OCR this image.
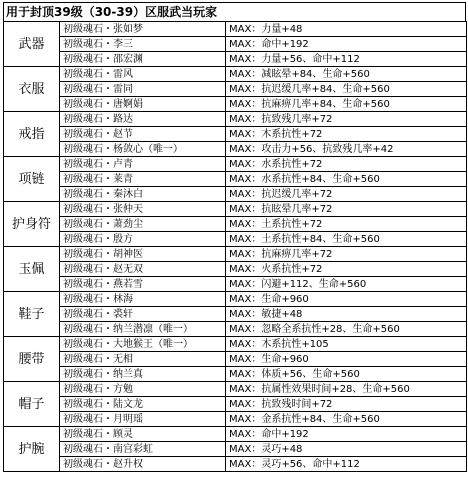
用于封顶39级（30-39）区服武当玩家
武器	初级魂石・张如梦	MAX：力量+48
	初级魂石・李三	MAX：命中+192
	初级魂石・邵宏渊	MAX：力量+56、命中+112
衣服	初级魂石・雷风	MAX：减眩晕+84、生命+560
	初级魂石・雷同	MAX：抗迟缓几率+84、生命+560
	初级魂石・唐婀娟	MAX：抗麻痹几率+84、生命+560
戒指	初级魂石・路达	MAX：抗致残几率+72
	初级魂石・赵节	MAX：木系抗性+72
	初级魂石・杨敛心（唯一）	MAX：攻击力+56、抗致残几率+42
项链	初级魂石・卢青	MAX：水系抗性+72
	初级魂石・莱青	MAX：水系抗性+84、生命+560
	初级魂石・秦沐白	MAX：抗迟缓几率+72
护身符	初级魂石・张仲天	MAX：抗眩晕几率+72
	初级魂石・萧劲尘	MAX：土系抗性+72
	初级魂石・殷方	MAX：土系抗性+84、生命+560
玉佩	初级魂石・胡神医	MAX：抗麻痹几率+72
	初级魂石・赵无双	MAX：火系抗性+72
	初级魂石・燕若雪	MAX：闪避+112、生命+560
鞋子	初级魂石・林海	MAX：生命+960
	初级魂石・裘轩	MAX：敏捷+48
	初级魂石・纳兰潜凛（唯一）	MAX：忽略全系抗性+28、生命+560
腰带	初级魂石・大地猴王（唯一）	MAX：木系抗性+105
	初级魂石・无相	MAX：生命+960
	初级魂石・纳兰真	MAX：体质+56、生命+560
帽子	初级魂石・方勉	MAX：抗属性效果时间+28、生命+560
	初级魂石・陆文龙	MAX：抗致残时间+72
	初级魂石・月明瑶	MAX：金系抗性+84、生命+560
护腕	初级魂石・顾灵	MAX：命中+192
	初级魂石・南宫彩虹	MAX：灵巧+48
	初级魂石・赵升权	MAX：灵巧+56、命中+112
